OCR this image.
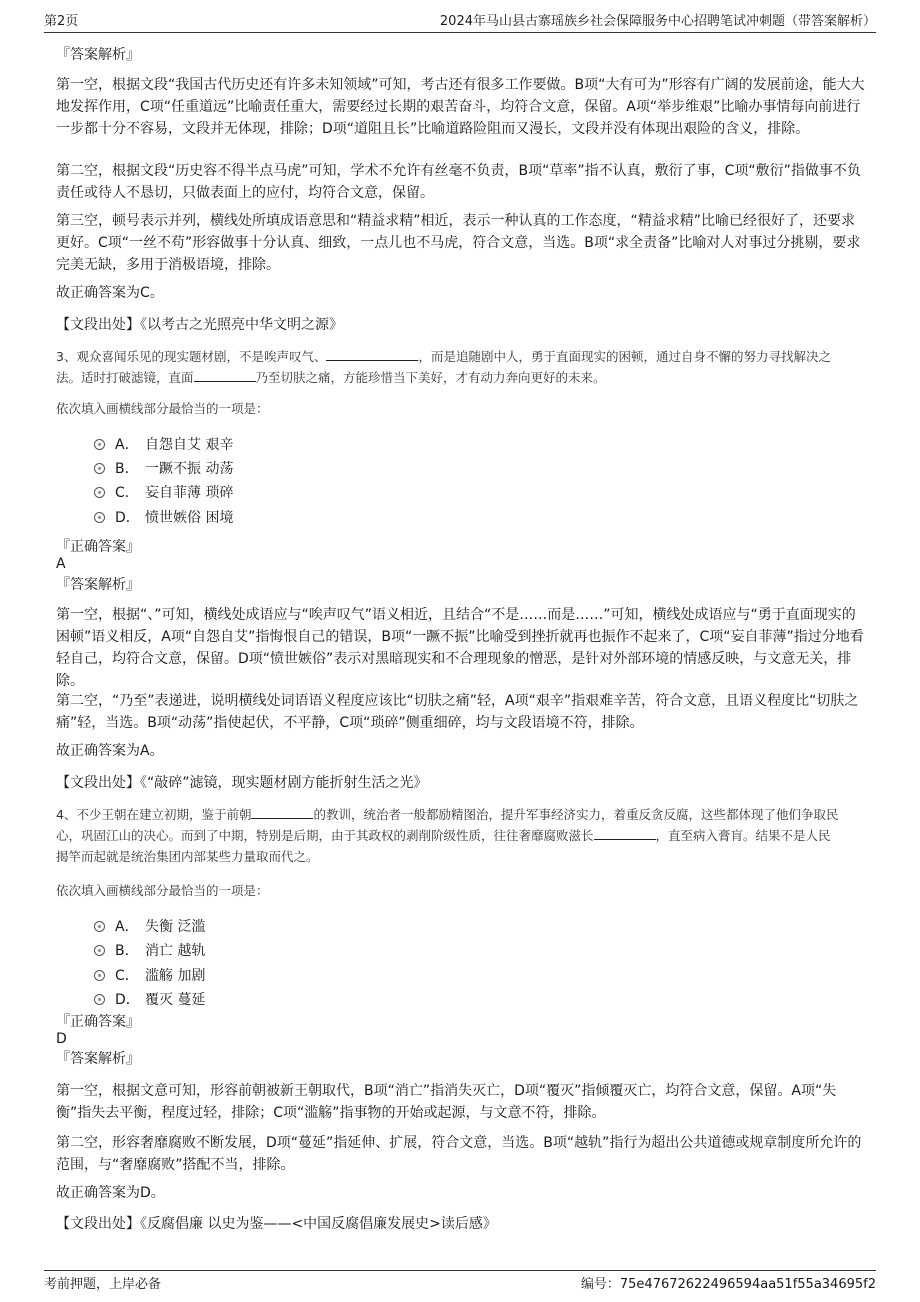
第2页	2024年马山县古寨瑶族乡社会保障服务中心招聘笔试冲刺题（带答案解析）
『答案解析』
第一空，根据文段“我国古代历史还有许多未知领域”可知，考古还有很多工作要做。B项“大有可为”形容有广阔的发展前途，能大大地发挥作用，C项“任重道远”比喻责任重大，需要经过长期的艰苦奋斗，均符合文意，保留。A项“举步维艰”比喻办事情每向前进行一步都十分不容易，文段并无体现，排除；D项“道阻且长”比喻道路险阻而又漫长，文段并没有体现出艰险的含义，排除。
第二空，根据文段“历史容不得半点马虎”可知，学术不允许有丝毫不负责，B项“草率”指不认真，敷衍了事，C项“敷衍”指做事不负责任或待人不恳切，只做表面上的应付，均符合文意，保留。
第三空，顿号表示并列，横线处所填成语意思和“精益求精”相近，表示一种认真的工作态度，“精益求精”比喻已经很好了，还要求更好。C项“一丝不苟”形容做事十分认真、细致，一点儿也不马虎，符合文意，当选。B项“求全责备”比喻对人对事过分挑剔，要求完美无缺，多用于消极语境，排除。
故正确答案为C。
【文段出处】《以考古之光照亮中华文明之源》
3、观众喜闻乐见的现实题材剧，不是唉声叹气、	，而是追随剧中人，勇于直面现实的困顿，通过自身不懈的努力寻找解决之
法。适时打破滤镜，直面	乃至切肤之痛，方能珍惜当下美好，才有动力奔向更好的未来。
依次填入画横线部分最恰当的一项是：
A． 自怨自艾 艰辛
B． 一蹶不振 动荡
C． 妄自菲薄 琐碎
D． 愤世嫉俗 困境
『正确答案』
A
『答案解析』
第一空，根据“、”可知，横线处成语应与“唉声叹气”语义相近，且结合“不是……而是……”可知，横线处成语应与“勇于直面现实的困顿”语义相反，A项“自怨自艾”指悔恨自己的错误，B项“一蹶不振”比喻受到挫折就再也振作不起来了，C项“妄自菲薄”指过分地看轻自己，均符合文意，保留。D项“愤世嫉俗”表示对黑暗现实和不合理现象的憎恶，是针对外部环境的情感反映，与文意无关，排除。
第二空，“乃至”表递进，说明横线处词语语义程度应该比“切肤之痛”轻，A项“艰辛”指艰难辛苦，符合文意，且语义程度比“切肤之痛”轻，当选。B项“动荡”指使起伏，不平静，C项“琐碎”侧重细碎，均与文段语境不符，排除。
故正确答案为A。
【文段出处】《“敲碎”滤镜，现实题材剧方能折射生活之光》
4、不少王朝在建立初期，鉴于前朝	的教训，统治者一般都励精图治，提升军事经济实力，着重反贪反腐，这些都体现了他们争取民
心，巩固江山的决心。而到了中期，特别是后期，由于其政权的剥削阶级性质，往往奢靡腐败滋长	，直至病入膏肓。结果不是人民
揭竿而起就是统治集团内部某些力量取而代之。
依次填入画横线部分最恰当的一项是：
A． 失衡 泛滥
B． 消亡 越轨
C． 滥觞 加剧
D． 覆灭 蔓延
『正确答案』
D
『答案解析』
第一空，根据文意可知，形容前朝被新王朝取代，B项“消亡”指消失灭亡，D项“覆灭”指倾覆灭亡，均符合文意，保留。A项“失衡”指失去平衡，程度过轻，排除；C项“滥觞”指事物的开始或起源，与文意不符，排除。
第二空，形容奢靡腐败不断发展，D项“蔓延”指延伸、扩展，符合文意，当选。B项“越轨”指行为超出公共道德或规章制度所允许的范围，与“奢靡腐败”搭配不当，排除。
故正确答案为D。
【文段出处】《反腐倡廉 以史为鉴——<中国反腐倡廉发展史>读后感》
考前押题，上岸必备	编号：75e47672622496594aa51f55a34695f2
